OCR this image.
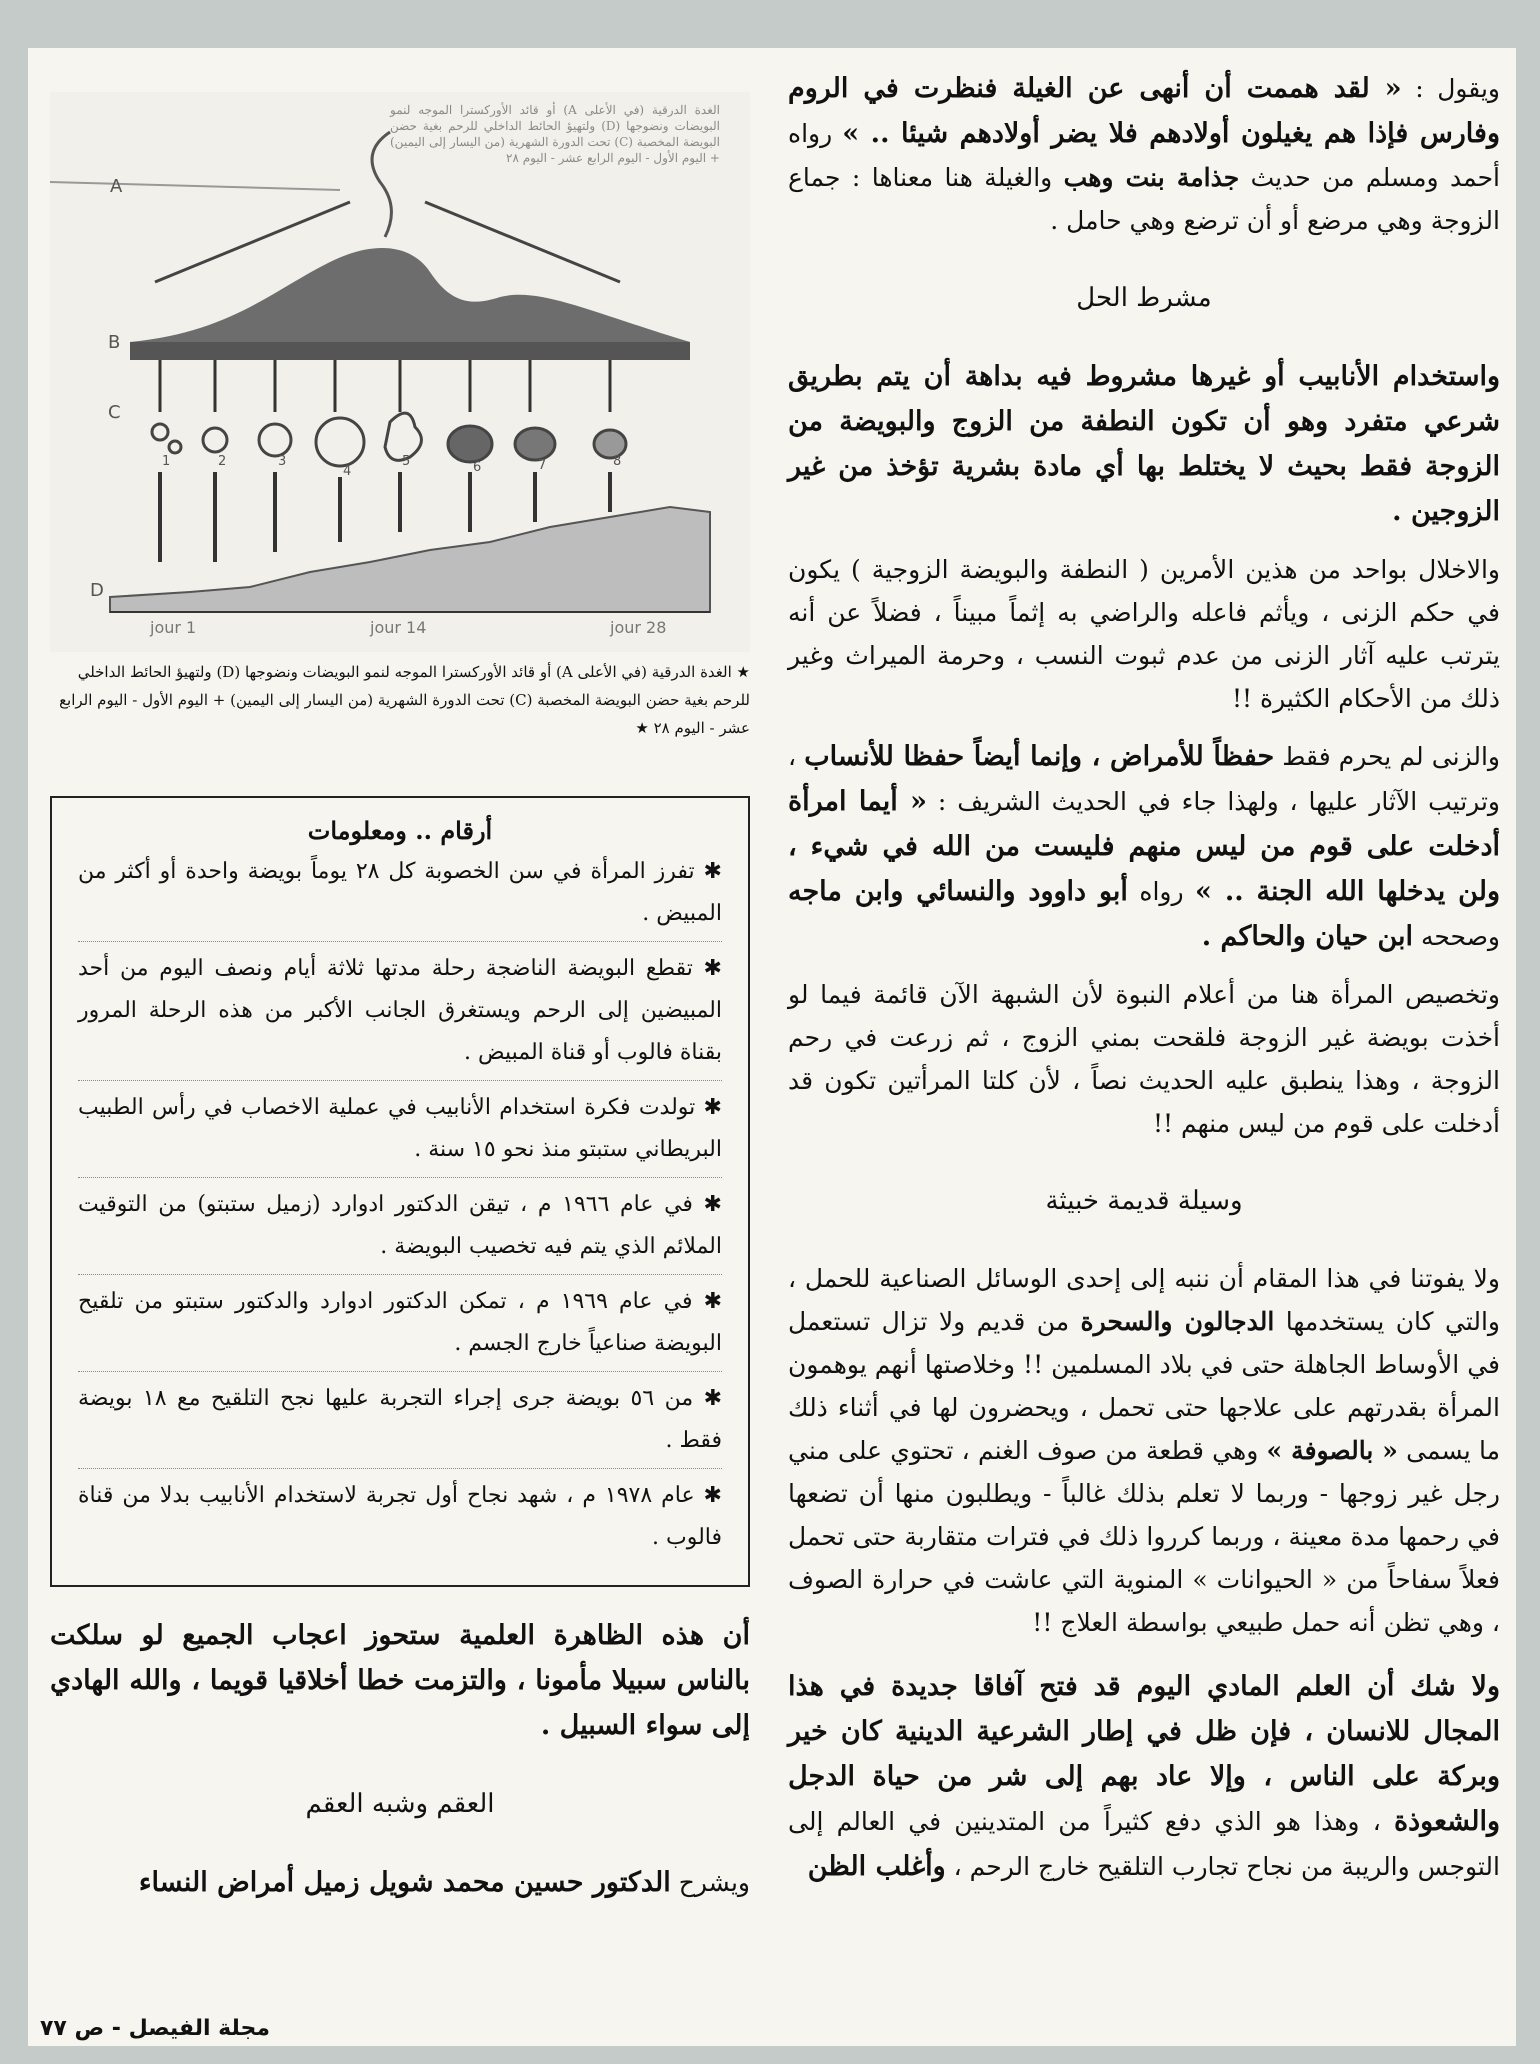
ويقول : « لقد هممت أن أنهى عن الغيلة فنظرت في الروم وفارس فإذا هم يغيلون أولادهم فلا يضر أولادهم شيئا .. » رواه أحمد ومسلم من حديث جذامة بنت وهب والغيلة هنا معناها : جماع الزوجة وهي مرضع أو أن ترضع وهي حامل .

مشرط الحل

واستخدام الأنابيب أو غيرها مشروط فيه بداهة أن يتم بطريق شرعي متفرد وهو أن تكون النطفة من الزوج والبويضة من الزوجة فقط بحيث لا يختلط بها أي مادة بشرية تؤخذ من غير الزوجين .

والاخلال بواحد من هذين الأمرين ( النطفة والبويضة الزوجية ) يكون في حكم الزنى ، ويأثم فاعله والراضي به إثماً مبيناً ، فضلاً عن أنه يترتب عليه آثار الزنى من عدم ثبوت النسب ، وحرمة الميراث وغير ذلك من الأحكام الكثيرة !!

والزنى لم يحرم فقط حفظاً للأمراض ، وإنما أيضاً حفظا للأنساب ، وترتيب الآثار عليها ، ولهذا جاء في الحديث الشريف : « أيما امرأة أدخلت على قوم من ليس منهم فليست من الله في شيء ، ولن يدخلها الله الجنة .. » رواه أبو داوود والنسائي وابن ماجه وصححه ابن حيان والحاكم .

وتخصيص المرأة هنا من أعلام النبوة لأن الشبهة الآن قائمة فيما لو أخذت بويضة غير الزوجة فلقحت بمني الزوج ، ثم زرعت في رحم الزوجة ، وهذا ينطبق عليه الحديث نصاً ، لأن كلتا المرأتين تكون قد أدخلت على قوم من ليس منهم !!

وسيلة قديمة خبيثة

ولا يفوتنا في هذا المقام أن ننبه إلى إحدى الوسائل الصناعية للحمل ، والتي كان يستخدمها الدجالون والسحرة من قديم ولا تزال تستعمل في الأوساط الجاهلة حتى في بلاد المسلمين !! وخلاصتها أنهم يوهمون المرأة بقدرتهم على علاجها حتى تحمل ، ويحضرون لها في أثناء ذلك ما يسمى « بالصوفة » وهي قطعة من صوف الغنم ، تحتوي على مني رجل غير زوجها - وربما لا تعلم بذلك غالباً - ويطلبون منها أن تضعها في رحمها مدة معينة ، وربما كرروا ذلك في فترات متقاربة حتى تحمل فعلاً سفاحاً من « الحيوانات » المنوية التي عاشت في حرارة الصوف ، وهي تظن أنه حمل طبيعي بواسطة العلاج !!

ولا شك أن العلم المادي اليوم قد فتح آفاقا جديدة في هذا المجال للانسان ، فإن ظل في إطار الشرعية الدينية كان خير وبركة على الناس ، وإلا عاد بهم إلى شر من حياة الدجل والشعوذة ، وهذا هو الذي دفع كثيراً من المتدينين في العالم إلى التوجس والريبة من نجاح تجارب التلقيح خارج الرحم ، وأغلب الظن

الغدة الدرقية (في الأعلى A) أو قائد الأوركسترا الموجه لنمو البويضات ونضوجها (D) ولتهيؤ الحائط الداخلي للرحم بغية حضن البويضة المخصبة (C) تحت الدورة الشهرية (من اليسار إلى اليمين) + اليوم الأول - اليوم الرابع عشر - اليوم ٢٨
A
B
C
D
1	2	3
4
5	6	7	8
1 jour	14 jour	28 jour
★ الغدة الدرقية (في الأعلى A) أو قائد الأوركسترا الموجه لنمو البويضات ونضوجها (D) ولتهيؤ الحائط الداخلي للرحم بغية حضن البويضة المخصبة (C) تحت الدورة الشهرية (من اليسار إلى اليمين) + اليوم الأول - اليوم الرابع عشر - اليوم ٢٨ ★
أرقام .. ومعلومات
✱ تفرز المرأة في سن الخصوبة كل ٢٨ يوماً بويضة واحدة أو أكثر من المبيض .
✱ تقطع البويضة الناضجة رحلة مدتها ثلاثة أيام ونصف اليوم من أحد المبيضين إلى الرحم ويستغرق الجانب الأكبر من هذه الرحلة المرور بقناة فالوب أو قناة المبيض .
✱ تولدت فكرة استخدام الأنابيب في عملية الاخصاب في رأس الطبيب البريطاني ستبتو منذ نحو ١٥ سنة .
✱ في عام ١٩٦٦ م ، تيقن الدكتور ادوارد (زميل ستبتو) من التوقيت الملائم الذي يتم فيه تخصيب البويضة .
✱ في عام ١٩٦٩ م ، تمكن الدكتور ادوارد والدكتور ستبتو من تلقيح البويضة صناعياً خارج الجسم .
✱ من ٥٦ بويضة جرى إجراء التجربة عليها نجح التلقيح مع ١٨ بويضة فقط .
✱ عام ١٩٧٨ م ، شهد نجاح أول تجربة لاستخدام الأنابيب بدلا من قناة فالوب .

أن هذه الظاهرة العلمية ستحوز اعجاب الجميع لو سلكت بالناس سبيلا مأمونا ، والتزمت خطا أخلاقيا قويما ، والله الهادي إلى سواء السبيل .

العقم وشبه العقم

ويشرح الدكتور حسين محمد شويل زميل أمراض النساء

مجلة الفيصل - ص ٧٧
